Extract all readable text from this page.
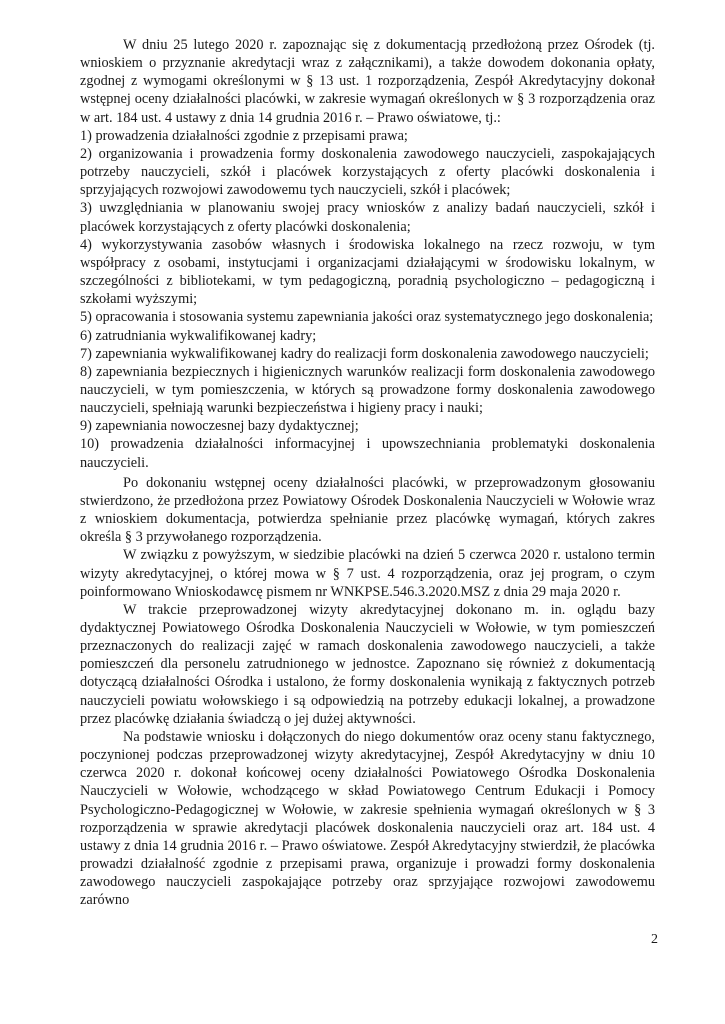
W dniu 25 lutego 2020 r. zapoznając się z dokumentacją przedłożoną przez Ośrodek (tj. wnioskiem o przyznanie akredytacji wraz z załącznikami), a także dowodem dokonania opłaty, zgodnej z wymogami określonymi w § 13 ust. 1 rozporządzenia, Zespół Akredytacyjny dokonał wstępnej oceny działalności placówki, w zakresie wymagań określonych w § 3 rozporządzenia oraz w art. 184 ust. 4 ustawy z dnia 14 grudnia 2016 r. – Prawo oświatowe, tj.:

1) prowadzenia działalności zgodnie z przepisami prawa;

2) organizowania i prowadzenia formy doskonalenia zawodowego nauczycieli, zaspokajających potrzeby nauczycieli, szkół i placówek korzystających z oferty placówki doskonalenia i sprzyjających rozwojowi zawodowemu tych nauczycieli, szkół i placówek;

3) uwzględniania w planowaniu swojej pracy wniosków z analizy badań nauczycieli, szkół i placówek korzystających z oferty placówki doskonalenia;

4) wykorzystywania zasobów własnych i środowiska lokalnego na rzecz rozwoju, w tym współpracy z osobami, instytucjami i organizacjami działającymi w środowisku lokalnym, w szczególności z bibliotekami, w tym pedagogiczną, poradnią psychologiczno – pedagogiczną i szkołami wyższymi;

5) opracowania i stosowania systemu zapewniania jakości oraz systematycznego jego doskonalenia;

6) zatrudniania wykwalifikowanej kadry;

7) zapewniania wykwalifikowanej kadry do realizacji form doskonalenia zawodowego nauczycieli;

8) zapewniania bezpiecznych i higienicznych warunków realizacji form doskonalenia zawodowego nauczycieli, w tym pomieszczenia, w których są prowadzone formy doskonalenia zawodowego nauczycieli, spełniają warunki bezpieczeństwa i higieny pracy i nauki;

9) zapewniania nowoczesnej bazy dydaktycznej;

10) prowadzenia działalności informacyjnej i upowszechniania problematyki doskonalenia nauczycieli.

Po dokonaniu wstępnej oceny działalności placówki, w przeprowadzonym głosowaniu stwierdzono, że przedłożona przez Powiatowy Ośrodek Doskonalenia Nauczycieli w Wołowie wraz z wnioskiem dokumentacja, potwierdza spełnianie przez placówkę wymagań, których zakres określa § 3 przywołanego rozporządzenia.

W związku z powyższym, w siedzibie placówki na dzień 5 czerwca 2020 r. ustalono termin wizyty akredytacyjnej, o której mowa w § 7 ust. 4 rozporządzenia, oraz jej program, o czym poinformowano Wnioskodawcę pismem nr WNKPSE.546.3.2020.MSZ z dnia 29 maja 2020 r.

W trakcie przeprowadzonej wizyty akredytacyjnej dokonano m. in. oglądu bazy dydaktycznej Powiatowego Ośrodka Doskonalenia Nauczycieli w Wołowie, w tym pomieszczeń przeznaczonych do realizacji zajęć w ramach doskonalenia zawodowego nauczycieli, a także pomieszczeń dla personelu zatrudnionego w jednostce. Zapoznano się również z dokumentacją dotyczącą działalności Ośrodka i ustalono, że formy doskonalenia wynikają z faktycznych potrzeb nauczycieli powiatu wołowskiego i są odpowiedzią na potrzeby edukacji lokalnej, a prowadzone przez placówkę działania świadczą o jej dużej aktywności.

Na podstawie wniosku i dołączonych do niego dokumentów oraz oceny stanu faktycznego, poczynionej podczas przeprowadzonej wizyty akredytacyjnej, Zespół Akredytacyjny w dniu 10 czerwca 2020 r. dokonał końcowej oceny działalności Powiatowego Ośrodka Doskonalenia Nauczycieli w Wołowie, wchodzącego w skład Powiatowego Centrum Edukacji i Pomocy Psychologiczno-Pedagogicznej w Wołowie, w zakresie spełnienia wymagań określonych w § 3 rozporządzenia w sprawie akredytacji placówek doskonalenia nauczycieli oraz art. 184 ust. 4 ustawy z dnia 14 grudnia 2016 r. – Prawo oświatowe. Zespół Akredytacyjny stwierdził, że placówka prowadzi działalność zgodnie z przepisami prawa, organizuje i prowadzi formy doskonalenia zawodowego nauczycieli zaspokajające potrzeby oraz sprzyjające rozwojowi zawodowemu zarówno

2
